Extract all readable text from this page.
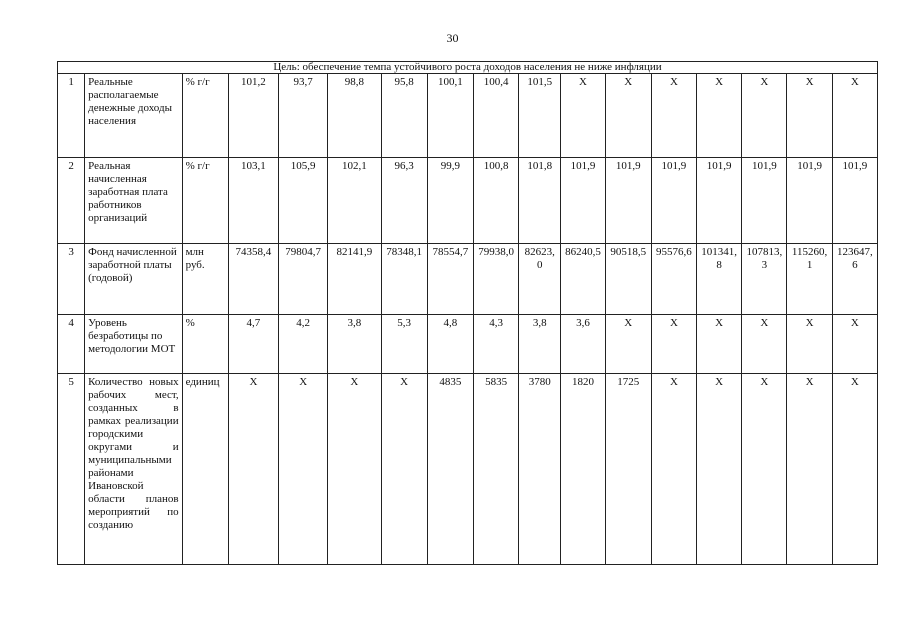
30
Цель: обеспечение темпа устойчивого роста доходов населения не ниже инфляции																
1	Реальные располагаемые денежные доходы населения	% г/г	101,2	93,7	98,8	95,8	100,1	100,4	101,5	Х	Х	Х	Х	Х	Х	Х
2	Реальная начисленная заработная плата работников организаций	% г/г	103,1	105,9	102,1	96,3	99,9	100,8	101,8	101,9	101,9	101,9	101,9	101,9	101,9	101,9
3	Фонд начисленной заработной платы (годовой)	млн руб.	74358,4	79804,7	82141,9	78348,1	78554,7	79938,0	82623,0	86240,5	90518,5	95576,6	101341,8	107813,3	115260,1	123647,6
4	Уровень безработицы по методологии МОТ	%	4,7	4,2	3,8	5,3	4,8	4,3	3,8	3,6	Х	Х	Х	Х	Х	Х
5	Количество новых рабочих мест, созданных в рамках реализации городскими округами и муниципальными районами Ивановской области планов мероприятий по созданию	единиц	Х	Х	Х	Х	4835	5835	3780	1820	1725	Х	Х	Х	Х	Х
